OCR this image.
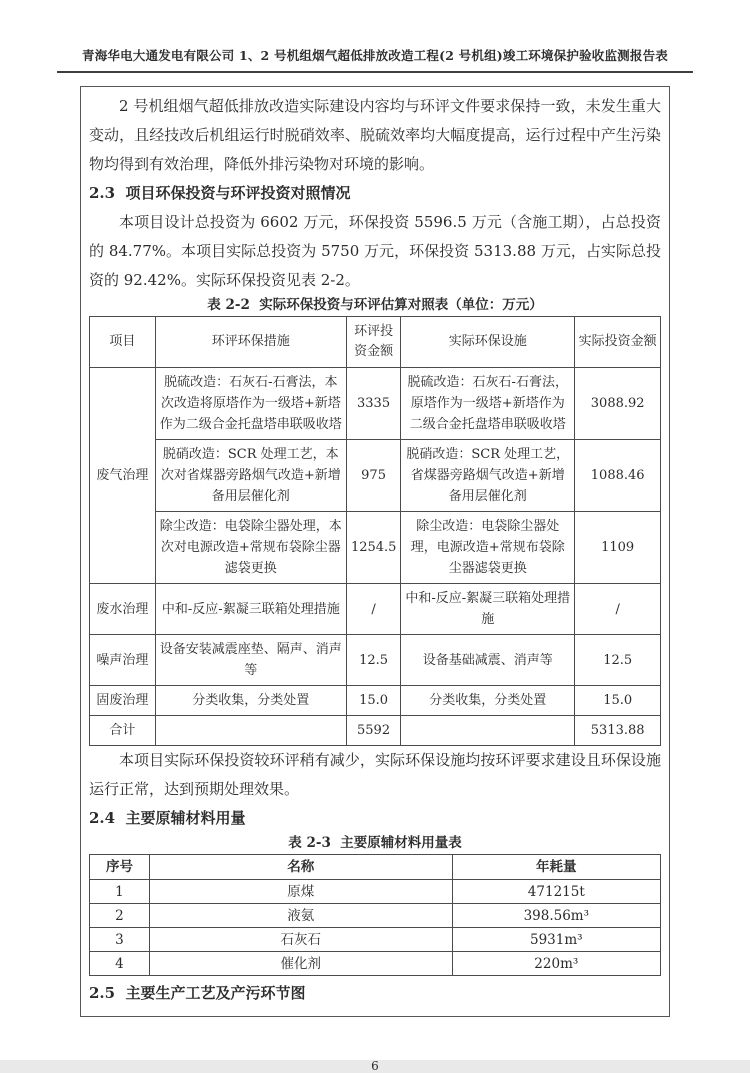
青海华电大通发电有限公司 1、2 号机组烟气超低排放改造工程(2 号机组)竣工环境保护验收监测报告表

2 号机组烟气超低排放改造实际建设内容均与环评文件要求保持一致，未发生重大变动，且经技改后机组运行时脱硝效率、脱硫效率均大幅度提高，运行过程中产生污染物均得到有效治理，降低外排污染物对环境的影响。

2.3  项目环保投资与环评投资对照情况

本项目设计总投资为 6602 万元，环保投资 5596.5 万元（含施工期），占总投资的 84.77%。本项目实际总投资为 5750 万元，环保投资 5313.88 万元，占实际总投资的 92.42%。实际环保投资见表 2-2。

表 2-2  实际环保投资与环评估算对照表（单位：万元）
项目	环评环保措施	环评投资金额	实际环保设施	实际投资金额
废气治理	脱硫改造：石灰石-石膏法，本次改造将原塔作为一级塔+新塔作为二级合金托盘塔串联吸收塔	3335	脱硫改造：石灰石-石膏法，原塔作为一级塔+新塔作为二级合金托盘塔串联吸收塔	3088.92
	脱硝改造：SCR 处理工艺，本次对省煤器旁路烟气改造+新增备用层催化剂	975	脱硝改造：SCR 处理工艺，省煤器旁路烟气改造+新增备用层催化剂	1088.46
	除尘改造：电袋除尘器处理，本次对电源改造+常规布袋除尘器滤袋更换	1254.5	除尘改造：电袋除尘器处理，电源改造+常规布袋除尘器滤袋更换	1109
废水治理	中和-反应-絮凝三联箱处理措施	/	中和-反应-絮凝三联箱处理措施	/
噪声治理	设备安装减震座垫、隔声、消声等	12.5	设备基础减震、消声等	12.5
固废治理	分类收集，分类处置	15.0	分类收集，分类处置	15.0
合计		5592		5313.88

本项目实际环保投资较环评稍有减少，实际环保设施均按环评要求建设且环保设施运行正常，达到预期处理效果。

2.4  主要原辅材料用量
表 2-3  主要原辅材料用量表
序号	名称	年耗量
1	原煤	471215t
2	液氨	398.56m³
3	石灰石	5931m³
4	催化剂	220m³
2.5  主要生产工艺及产污环节图
6
